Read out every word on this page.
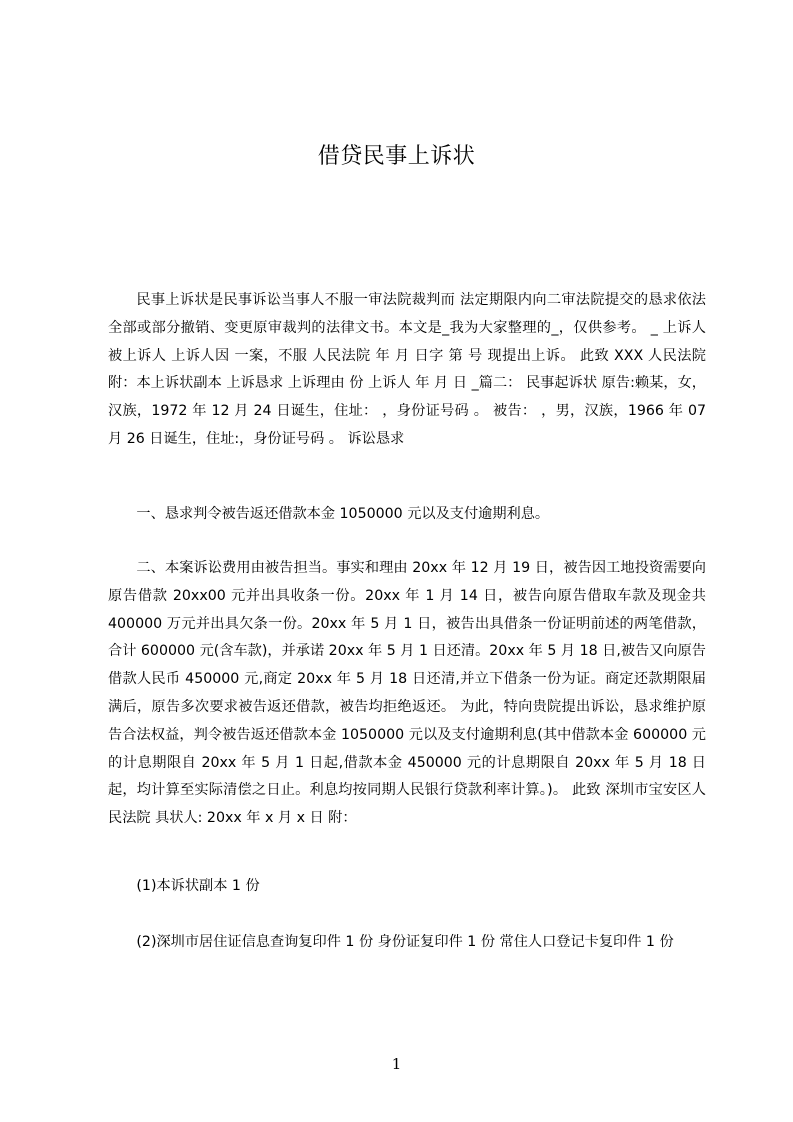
借贷民事上诉状

民事上诉状是民事诉讼当事人不服一审法院裁判而 法定期限内向二审法院提交的恳求依法全部或部分撤销、变更原审裁判的法律文书。本文是_我为大家整理的_，仅供参考。 _ 上诉人 被上诉人 上诉人因 一案，不服 人民法院 年 月 日字 第 号 现提出上诉。 此致 XXX 人民法院 附：本上诉状副本 上诉恳求 上诉理由 份 上诉人 年 月 日 _篇二： 民事起诉状 原告:赖某，女，汉族，1972 年 12 月 24 日诞生，住址： ，身份证号码 。 被告： ，男，汉族，1966 年 07 月 26 日诞生，住址:，身份证号码 。 诉讼恳求

一、恳求判令被告返还借款本金 1050000 元以及支付逾期利息。

二、本案诉讼费用由被告担当。事实和理由 20xx 年 12 月 19 日，被告因工地投资需要向原告借款 20xx00 元并出具收条一份。20xx 年 1 月 14 日，被告向原告借取车款及现金共 400000 万元并出具欠条一份。20xx 年 5 月 1 日，被告出具借条一份证明前述的两笔借款，合计 600000 元(含车款)，并承诺 20xx 年 5 月 1 日还清。20xx 年 5 月 18 日,被告又向原告借款人民币 450000 元,商定 20xx 年 5 月 18 日还清,并立下借条一份为证。商定还款期限届满后，原告多次要求被告返还借款，被告均拒绝返还。 为此，特向贵院提出诉讼，恳求维护原告合法权益，判令被告返还借款本金 1050000 元以及支付逾期利息(其中借款本金 600000 元的计息期限自 20xx 年 5 月 1 日起,借款本金 450000 元的计息期限自 20xx 年 5 月 18 日起，均计算至实际清偿之日止。利息均按同期人民银行贷款利率计算。)。 此致 深圳市宝安区人民法院 具状人: 20xx 年 x 月 x 日 附：

(1)本诉状副本 1 份

(2)深圳市居住证信息查询复印件 1 份 身份证复印件 1 份 常住人口登记卡复印件 1 份

1
